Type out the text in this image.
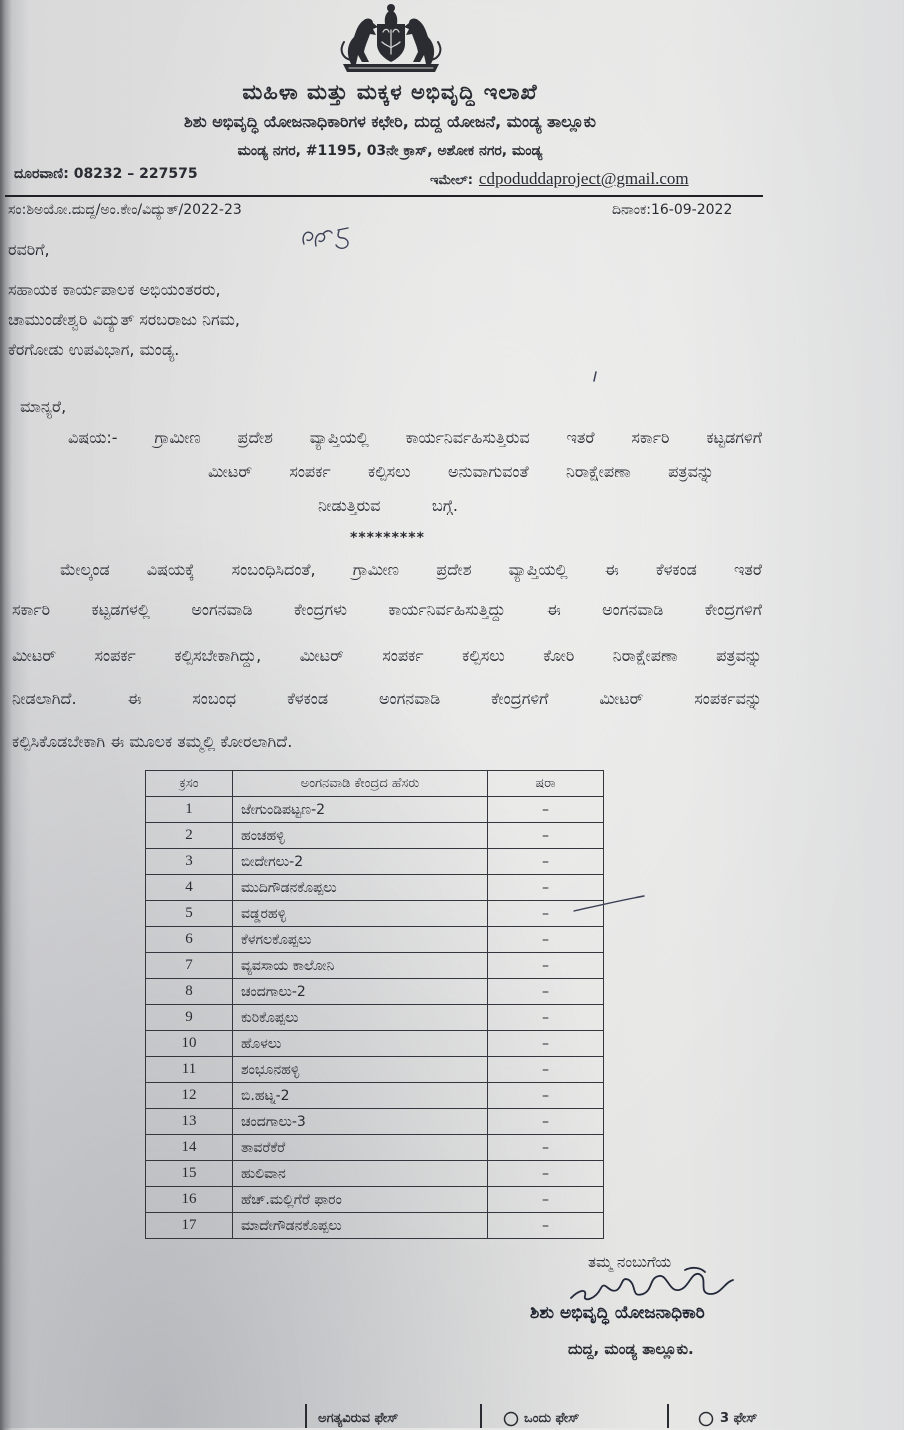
ಮಹಿಳಾ ಮತ್ತು ಮಕ್ಕಳ ಅಭಿವೃದ್ಧಿ ಇಲಾಖೆ
ಶಿಶು ಅಭಿವೃದ್ಧಿ ಯೋಜನಾಧಿಕಾರಿಗಳ ಕಛೇರಿ, ದುದ್ದ ಯೋಜನೆ, ಮಂಡ್ಯ ತಾಲ್ಲೂಕು
ಮಂಡ್ಯ ನಗರ, #1195, 03ನೇ ಕ್ರಾಸ್, ಅಶೋಕ ನಗರ, ಮಂಡ್ಯ
ದೂರವಾಣಿ: 08232 – 227575	ಇಮೇಲ್: cdpoduddaproject@gmail.com
ಸಂ:ಶಿಅಯೋ.ದುದ್ದ/ಅಂ.ಕೇಂ/ವಿದ್ಯುತ್/2022-23	ದಿನಾಂಕ:16-09-2022
ರವರಿಗೆ,
ಸಹಾಯಕ ಕಾರ್ಯಪಾಲಕ ಅಭಿಯಂತರರು,
ಚಾಮುಂಡೇಶ್ವರಿ ವಿದ್ಯುತ್ ಸರಬರಾಜು ನಿಗಮ,
ಕೆರಗೋಡು ಉಪವಿಭಾಗ, ಮಂಡ್ಯ.
ಮಾನ್ಯರೆ,
ವಿಷಯ:- ಗ್ರಾಮೀಣ ಪ್ರದೇಶ ವ್ಯಾಪ್ತಿಯಲ್ಲಿ ಕಾರ್ಯನಿರ್ವಹಿಸುತ್ತಿರುವ ಇತರೆ ಸರ್ಕಾರಿ ಕಟ್ಟಡಗಳಿಗೆ
ಮೀಟರ್ ಸಂಪರ್ಕ ಕಲ್ಪಿಸಲು ಅನುವಾಗುವಂತೆ ನಿರಾಕ್ಷೇಪಣಾ ಪತ್ರವನ್ನು
ನೀಡುತ್ತಿರುವ ಬಗ್ಗೆ.
*********
ಮೇಲ್ಕಂಡ ವಿಷಯಕ್ಕೆ ಸಂಬಂಧಿಸಿದಂತೆ, ಗ್ರಾಮೀಣ ಪ್ರದೇಶ ವ್ಯಾಪ್ತಿಯಲ್ಲಿ ಈ ಕೆಳಕಂಡ ಇತರೆ
ಸರ್ಕಾರಿ ಕಟ್ಟಡಗಳಲ್ಲಿ ಅಂಗನವಾಡಿ ಕೇಂದ್ರಗಳು ಕಾರ್ಯನಿರ್ವಹಿಸುತ್ತಿದ್ದು ಈ ಅಂಗನವಾಡಿ ಕೇಂದ್ರಗಳಿಗೆ
ಮೀಟರ್ ಸಂಪರ್ಕ ಕಲ್ಪಿಸಬೇಕಾಗಿದ್ದು, ಮೀಟರ್ ಸಂಪರ್ಕ ಕಲ್ಪಿಸಲು ಕೋರಿ ನಿರಾಕ್ಷೇಪಣಾ ಪತ್ರವನ್ನು
ನೀಡಲಾಗಿದೆ. ಈ ಸಂಬಂಧ ಕೆಳಕಂಡ ಅಂಗನವಾಡಿ ಕೇಂದ್ರಗಳಿಗೆ ಮೀಟರ್ ಸಂಪರ್ಕವನ್ನು
ಕಲ್ಪಿಸಿಕೊಡಬೇಕಾಗಿ ಈ ಮೂಲಕ ತಮ್ಮಲ್ಲಿ ಕೋರಲಾಗಿದೆ.
ಕ್ರಸಂ	ಅಂಗನವಾಡಿ ಕೇಂದ್ರದ ಹೆಸರು	ಷರಾ
1	ಜೇಗುಂಡಿಪಟ್ಟಣ-2	–
2	ಹಂಚಹಳ್ಳಿ	–
3	ಬೀದೇಗಲು-2	–
4	ಮುದಿಗೌಡನಕೊಪ್ಪಲು	–
5	ವಡ್ಡರಹಳ್ಳಿ	–
6	ಕೆಳಗಲಕೊಪ್ಪಲು	–
7	ವ್ಯವಸಾಯ ಕಾಲೋನಿ	–
8	ಚಂದಗಾಲು-2	–
9	ಕುರಿಕೊಪ್ಪಲು	–
10	ಹೊಳಲು	–
11	ಶಂಭೂನಹಳ್ಳಿ	–
12	ಬಿ.ಹಟ್ನ-2	–
13	ಚಂದಗಾಲು-3	–
14	ತಾವರೆಕೆರೆ	–
15	ಹುಲಿವಾನ	–
16	ಹೆಚ್.ಮಲ್ಲಿಗೆರೆ ಫಾರಂ	–
17	ಮಾದೇಗೌಡನಕೊಪ್ಪಲು	–
ತಮ್ಮ ನಂಬುಗೆಯ
ಶಿಶು ಅಭಿವೃದ್ಧಿ ಯೋಜನಾಧಿಕಾರಿ
ದುದ್ದ, ಮಂಡ್ಯ ತಾಲ್ಲೂಕು.
ಅಗತ್ಯವಿರುವ ಫೇಸ್	ಒಂದು ಫೇಸ್	3 ಫೇಸ್
